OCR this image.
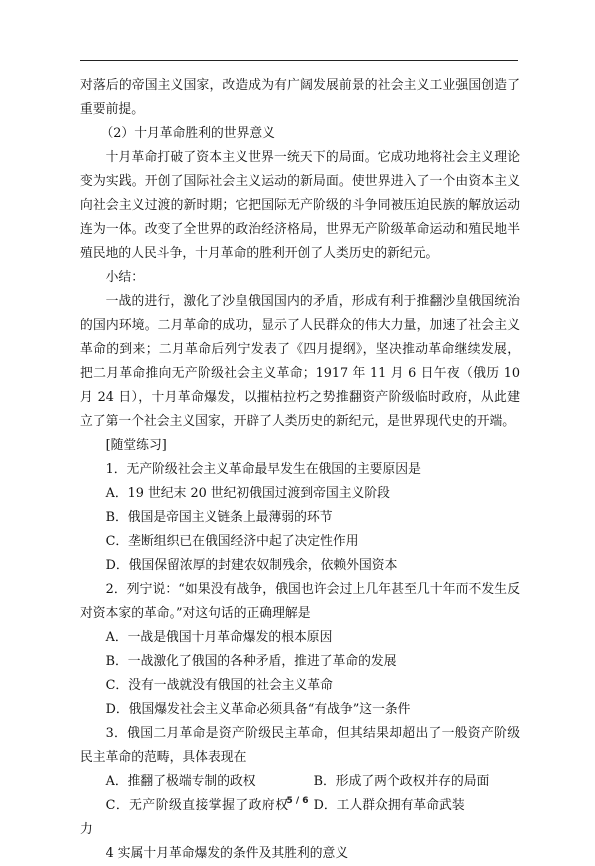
对落后的帝国主义国家，改造成为有广阔发展前景的社会主义工业强国创造了重要前提。

（2）十月革命胜利的世界意义

十月革命打破了资本主义世界一统天下的局面。它成功地将社会主义理论变为实践。开创了国际社会主义运动的新局面。使世界进入了一个由资本主义向社会主义过渡的新时期；它把国际无产阶级的斗争同被压迫民族的解放运动连为一体。改变了全世界的政治经济格局，世界无产阶级革命运动和殖民地半殖民地的人民斗争，十月革命的胜利开创了人类历史的新纪元。

小结：

一战的进行，激化了沙皇俄国国内的矛盾，形成有利于推翻沙皇俄国统治的国内环境。二月革命的成功，显示了人民群众的伟大力量，加速了社会主义革命的到来；二月革命后列宁发表了《四月提纲》，坚决推动革命继续发展，把二月革命推向无产阶级社会主义革命；1917 年 11 月 6 日午夜（俄历 10 月 24 日），十月革命爆发，以摧枯拉朽之势推翻资产阶级临时政府，从此建立了第一个社会主义国家，开辟了人类历史的新纪元，是世界现代史的开端。

[随堂练习]

1．无产阶级社会主义革命最早发生在俄国的主要原因是

A．19 世纪末 20 世纪初俄国过渡到帝国主义阶段

B．俄国是帝国主义链条上最薄弱的环节

C．垄断组织已在俄国经济中起了决定性作用

D．俄国保留浓厚的封建农奴制残余，依赖外国资本

2．列宁说：“如果没有战争，俄国也许会过上几年甚至几十年而不发生反对资本家的革命。”对这句话的正确理解是

A．一战是俄国十月革命爆发的根本原因

B．一战激化了俄国的各种矛盾，推进了革命的发展

C．没有一战就没有俄国的社会主义革命

D．俄国爆发社会主义革命必须具备“有战争”这一条件

3．俄国二月革命是资产阶级民主革命，但其结果却超出了一般资产阶级民主革命的范畴，具体表现在

A．推翻了极端专制的政权	B．形成了两个政权并存的局面

C．无产阶级直接掌握了政府权力
D．工人群众拥有革命武装

4 实属十月革命爆发的条件及其胜利的意义

5 / 6
